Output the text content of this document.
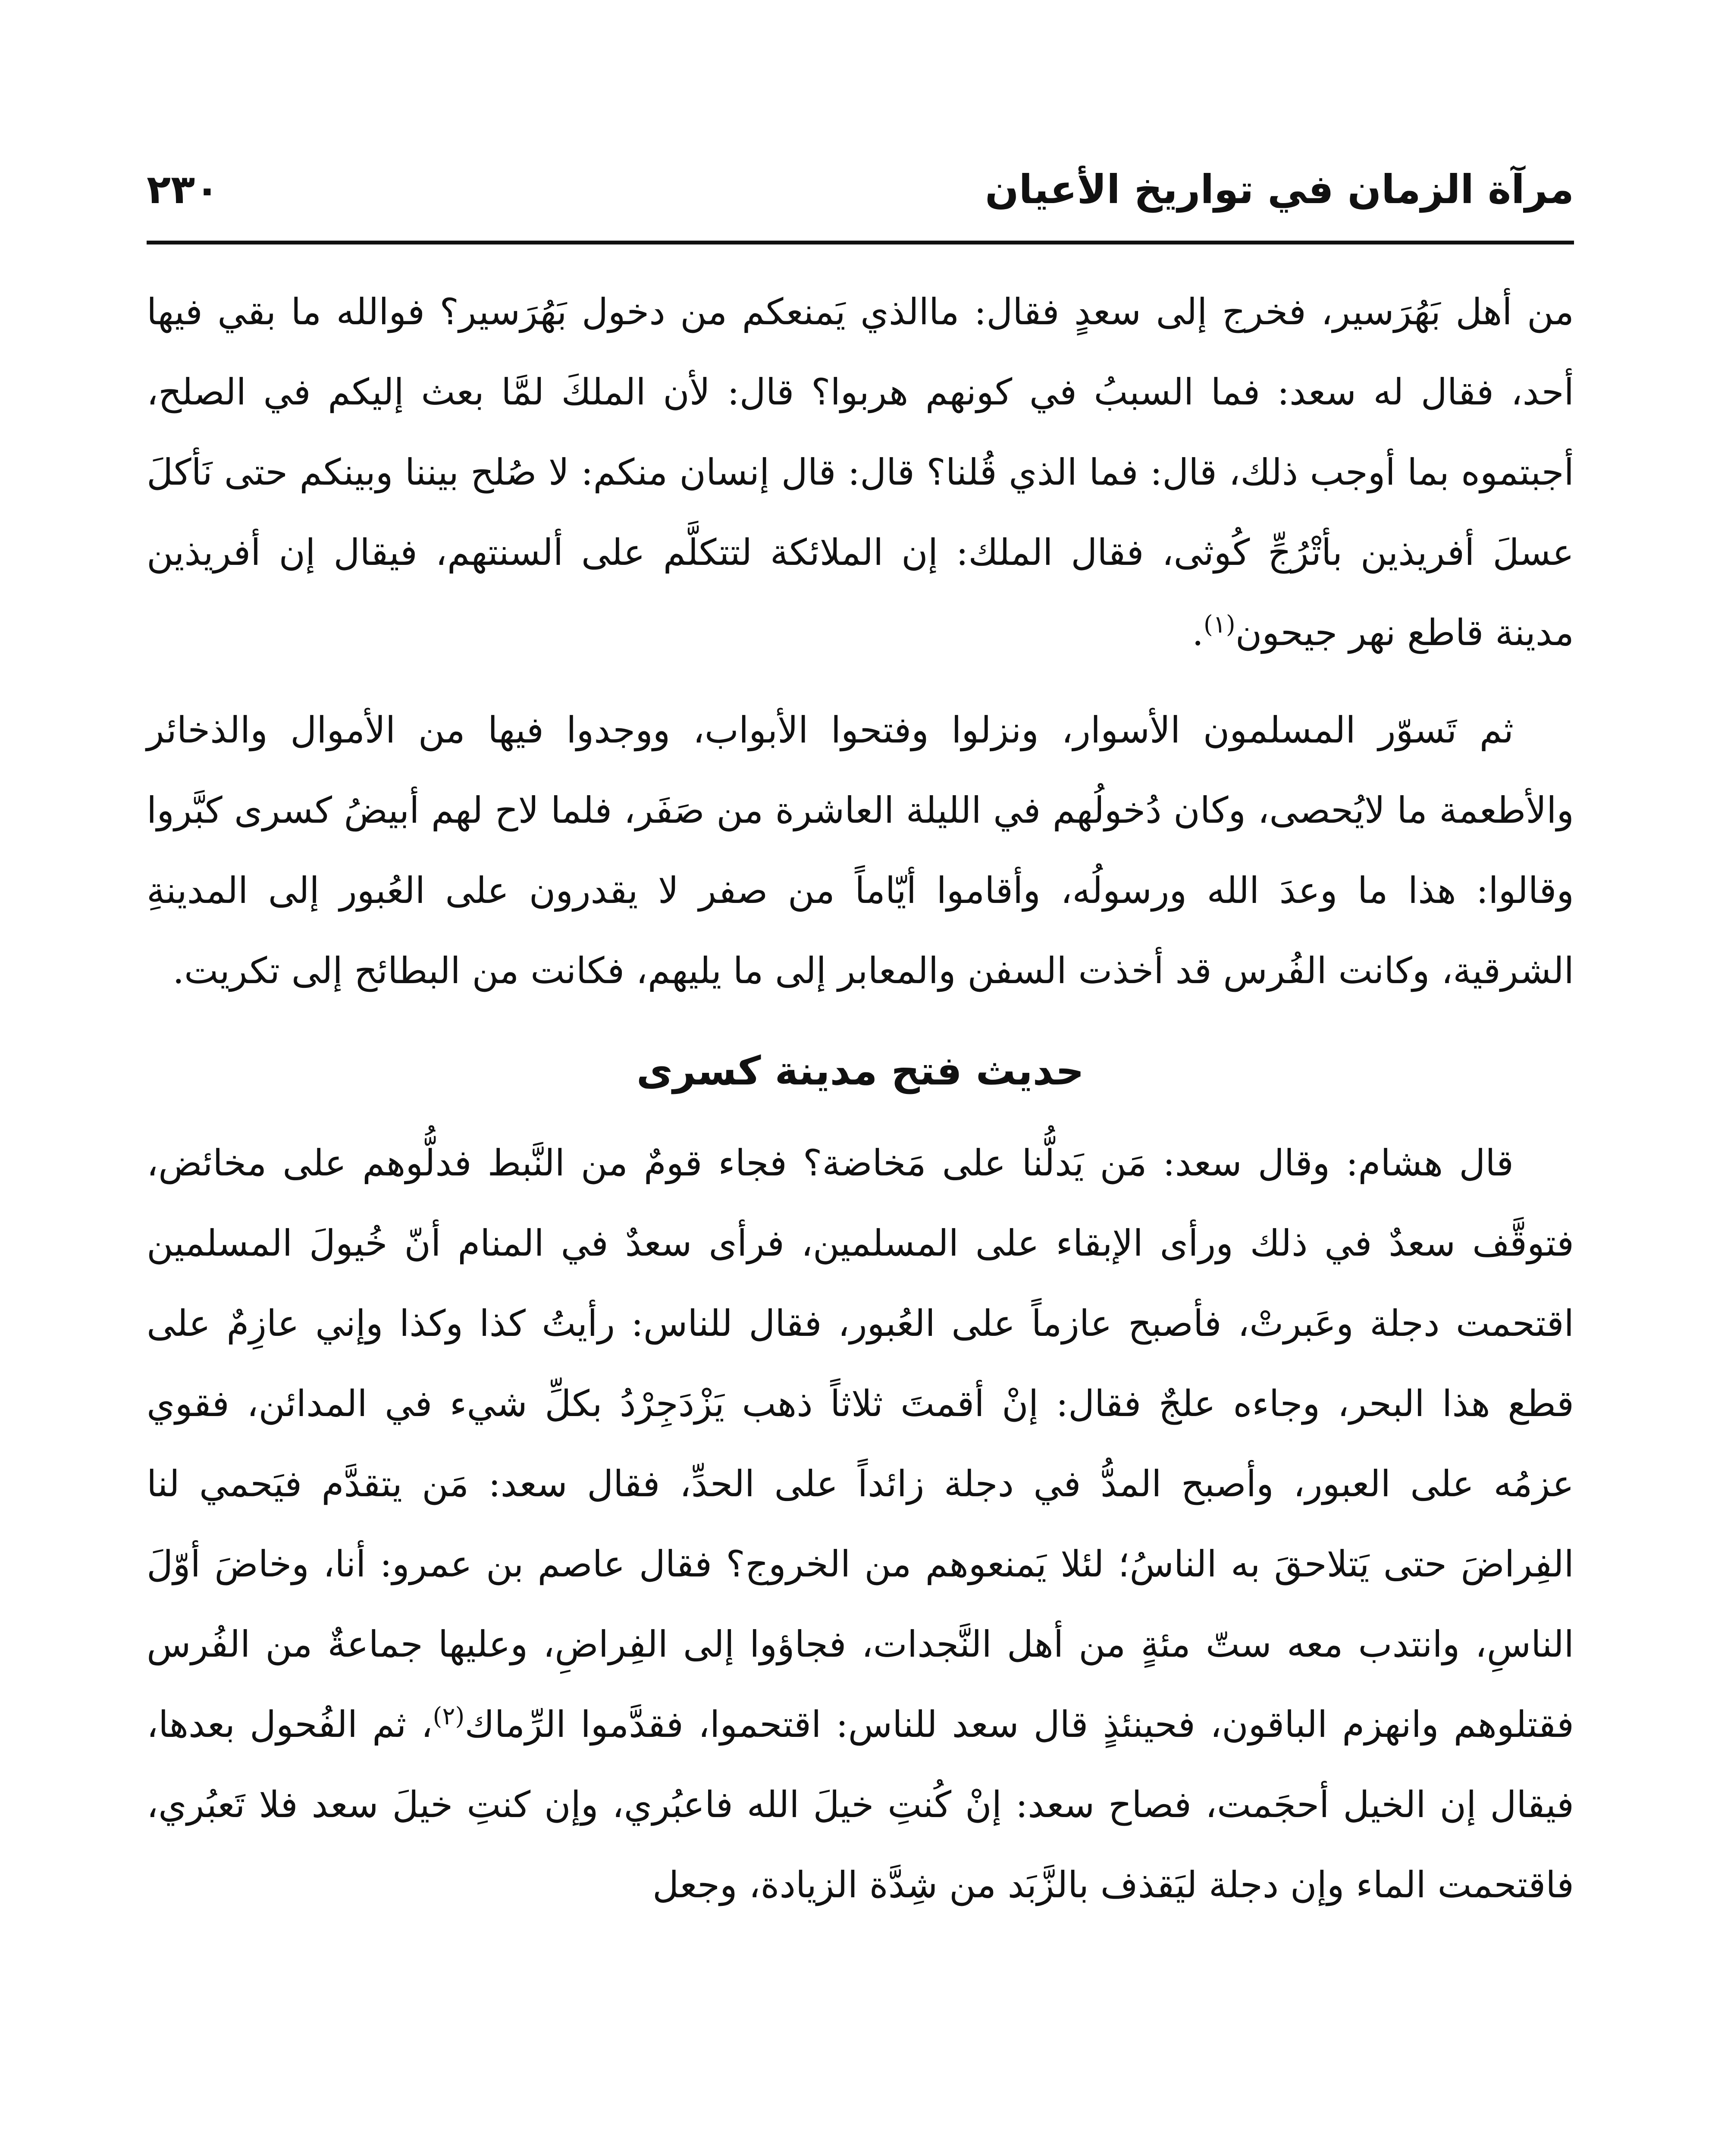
مرآة الزمان في تواريخ الأعيان
٢٣٠

من أهل بَهُرَسير، فخرج إلى سعدٍ فقال: ماالذي يَمنعكم من دخول بَهُرَسير؟ فوالله ما بقي فيها أحد، فقال له سعد: فما السببُ في كونهم هربوا؟ قال: لأن الملكَ لمَّا بعث إليكم في الصلح، أجبتموه بما أوجب ذلك، قال: فما الذي قُلنا؟ قال: قال إنسان منكم: لا صُلح بيننا وبينكم حتى نَأكلَ عسلَ أفريذين بأتْرُجِّ كُوثى، فقال الملك: إن الملائكة لتتكلَّم على ألسنتهم، فيقال إن أفريذين مدينة قاطع نهر جيحون$^{(١)}$.

ثم تَسوّر المسلمون الأسوار، ونزلوا وفتحوا الأبواب، ووجدوا فيها من الأموال والذخائر والأطعمة ما لايُحصى، وكان دُخولُهم في الليلة العاشرة من صَفَر، فلما لاح لهم أبيضُ كسرى كبَّروا وقالوا: هذا ما وعدَ الله ورسولُه، وأقاموا أيّاماً من صفر لا يقدرون على العُبور إلى المدينةِ الشرقية، وكانت الفُرس قد أخذت السفن والمعابر إلى ما يليهم، فكانت من البطائح إلى تكريت.

حديث فتح مدينة كسرى

قال هشام: وقال سعد: مَن يَدلُّنا على مَخاضة؟ فجاء قومٌ من النَّبط فدلُّوهم على مخائض، فتوقَّف سعدٌ في ذلك ورأى الإبقاء على المسلمين، فرأى سعدٌ في المنام أنّ خُيولَ المسلمين اقتحمت دجلة وعَبرتْ، فأصبح عازماً على العُبور، فقال للناس: رأيتُ كذا وكذا وإني عازِمٌ على قطع هذا البحر، وجاءه علجٌ فقال: إنْ أقمتَ ثلاثاً ذهب يَزْدَجِرْدُ بكلِّ شيء في المدائن، فقوي عزمُه على العبور، وأصبح المدُّ في دجلة زائداً على الحدِّ، فقال سعد: مَن يتقدَّم فيَحمي لنا الفِراضَ حتى يَتلاحقَ به الناسُ؛ لئلا يَمنعوهم من الخروج؟ فقال عاصم بن عمرو: أنا، وخاضَ أوّلَ الناسِ، وانتدب معه ستّ مئةٍ من أهل النَّجدات، فجاؤوا إلى الفِراضِ، وعليها جماعةٌ من الفُرس فقتلوهم وانهزم الباقون، فحينئذٍ قال سعد للناس: اقتحموا، فقدَّموا الرِّماك$^{(٢)}$، ثم الفُحول بعدها، فيقال إن الخيل أحجَمت، فصاح سعد: إنْ كُنتِ خيلَ الله فاعبُري، وإن كنتِ خيلَ سعد فلا تَعبُري، فاقتحمت الماء وإن دجلة ليَقذف بالزَّبَد من شِدَّة الزيادة، وجعل
